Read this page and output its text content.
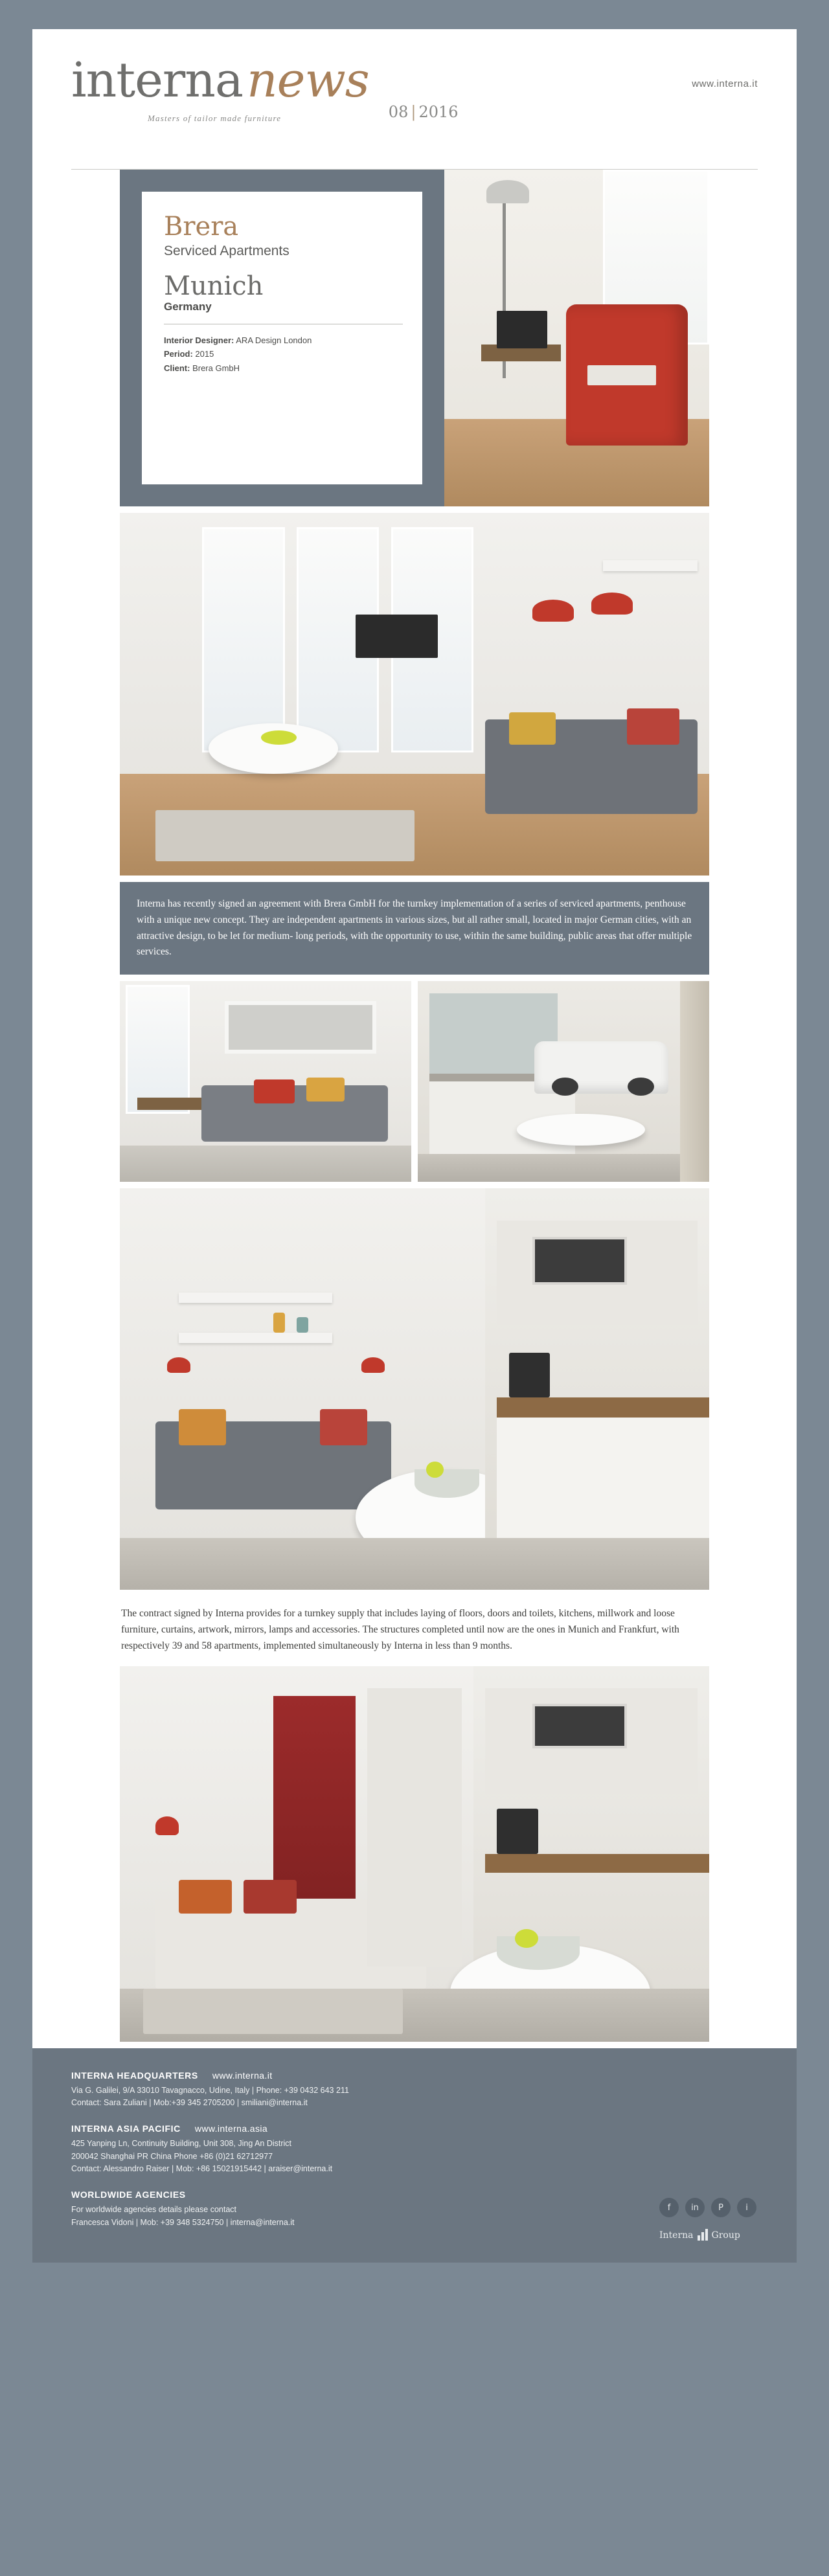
interna news
Masters of tailor made furniture	08 | 2016
www.interna.it
Brera
Serviced Apartments
Munich
Germany
Interior Designer: ARA Design London
Period: 2015
Client: Brera GmbH
Interna has recently signed an agreement with Brera GmbH for the turnkey implementation of a series of serviced apartments, penthouse with a unique new concept. They are independent apartments in various sizes, but all rather small, located in major German cities, with an attractive design, to be let for medium- long periods, with the opportunity to use, within the same building, public areas that offer multiple services.
The contract signed by Interna provides for a turnkey supply that includes laying of floors, doors and toilets, kitchens, millwork and loose furniture, curtains, artwork, mirrors, lamps and accessories. The structures completed until now are the ones in Munich and Frankfurt, with respectively 39 and 58 apartments, implemented simultaneously by Interna in less than 9 months.
INTERNA HEADQUARTERS www.interna.it
Via G. Galilei, 9/A 33010 Tavagnacco, Udine, Italy | Phone: +39 0432 643 211
Contact: Sara Zuliani | Mob:+39 345 2705200 | smiliani@interna.it
INTERNA ASIA PACIFIC www.interna.asia
425 Yanping Ln, Continuity Building, Unit 308, Jing An District
200042 Shanghai PR China Phone +86 (0)21 62712977
Contact: Alessandro Raiser | Mob: +86 15021915442 | araiser@interna.it
WORLDWIDE AGENCIES
For worldwide agencies details please contact
Francesca Vidoni | Mob: +39 348 5324750 | interna@interna.it
f	in	P	i
Interna Group
